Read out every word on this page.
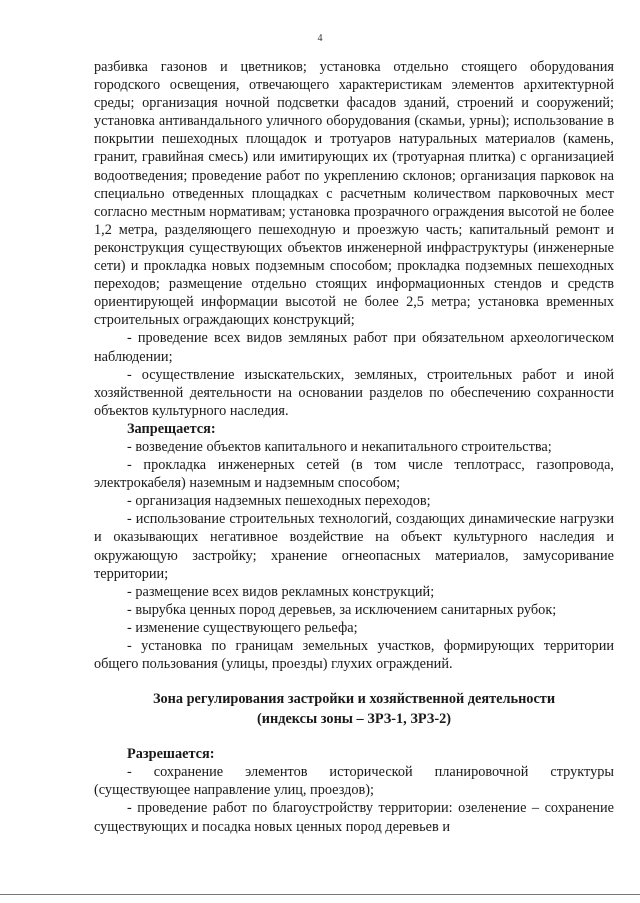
4

разбивка газонов и цветников; установка отдельно стоящего оборудования городского освещения, отвечающего характеристикам элементов архитектурной среды; организация ночной подсветки фасадов зданий, строений и сооружений; установка антивандального уличного оборудования (скамьи, урны); использование в покрытии пешеходных площадок и тротуаров натуральных материалов (камень, гранит, гравийная смесь) или имитирующих их (тротуарная плитка) с организацией водоотведения; проведение работ по укреплению склонов; организация парковок на специально отведенных площадках с расчетным количеством парковочных мест согласно местным нормативам; установка прозрачного ограждения высотой не более 1,2 метра, разделяющего пешеходную и проезжую часть; капитальный ремонт и реконструкция существующих объектов инженерной инфраструктуры (инженерные сети) и прокладка новых подземным способом; прокладка подземных пешеходных переходов; размещение отдельно стоящих информационных стендов и средств ориентирующей информации высотой не более 2,5 метра; установка временных строительных ограждающих конструкций;

- проведение всех видов земляных работ при обязательном археологическом наблюдении;

- осуществление изыскательских, земляных, строительных работ и иной хозяйственной деятельности на основании разделов по обеспечению сохранности объектов культурного наследия.

Запрещается:

- возведение объектов капитального и некапитального строительства;

- прокладка инженерных сетей (в том числе теплотрасс, газопровода, электрокабеля) наземным и надземным способом;

- организация надземных пешеходных переходов;

- использование строительных технологий, создающих динамические нагрузки и оказывающих негативное воздействие на объект культурного наследия и окружающую застройку; хранение огнеопасных материалов, замусоривание территории;

- размещение всех видов рекламных конструкций;

- вырубка ценных пород деревьев, за исключением санитарных рубок;

- изменение существующего рельефа;

- установка по границам земельных участков, формирующих территории общего пользования (улицы, проезды) глухих ограждений.

Зона регулирования застройки и хозяйственной деятельности

(индексы зоны – ЗРЗ-1, ЗРЗ-2)

Разрешается:

- сохранение элементов исторической планировочной структуры (существующее направление улиц, проездов);

- проведение работ по благоустройству территории: озеленение – сохранение существующих и посадка новых ценных пород деревьев и
